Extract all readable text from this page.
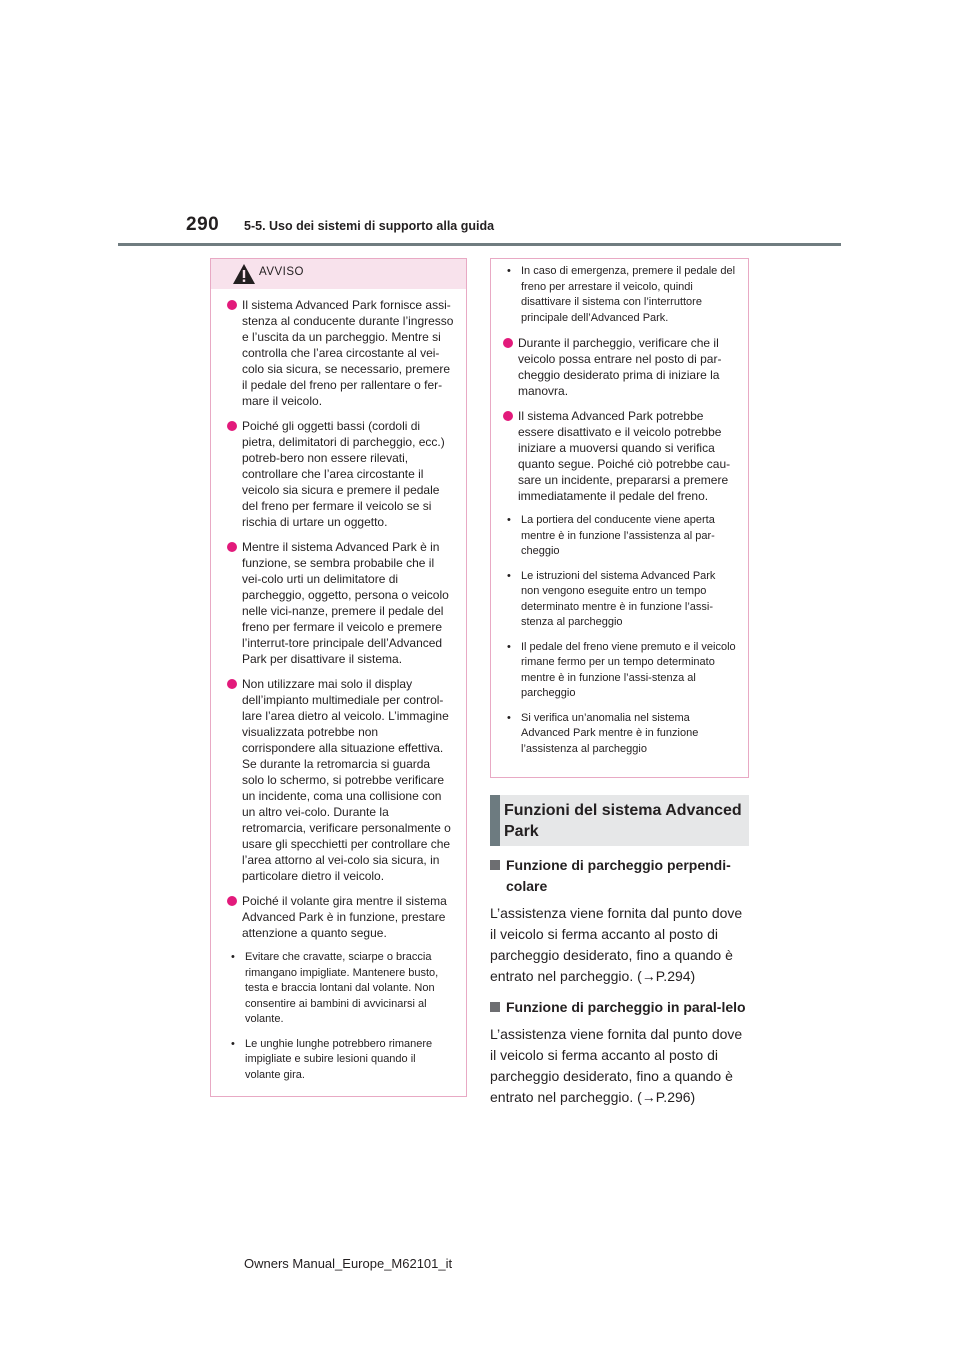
290 5-5. Uso dei sistemi di supporto alla guida
AVVISO
Il sistema Advanced Park fornisce assi-stenza al conducente durante l’ingresso e l’uscita da un parcheggio. Mentre si controlla che l’area circostante al vei-colo sia sicura, se necessario, premere il pedale del freno per rallentare o fer-mare il veicolo.
Poiché gli oggetti bassi (cordoli di pietra, delimitatori di parcheggio, ecc.) potreb-bero non essere rilevati, controllare che l’area circostante il veicolo sia sicura e premere il pedale del freno per fermare il veicolo se si rischia di urtare un oggetto.
Mentre il sistema Advanced Park è in funzione, se sembra probabile che il vei-colo urti un delimitatore di parcheggio, oggetto, persona o veicolo nelle vici-nanze, premere il pedale del freno per fermare il veicolo e premere l’interrut-tore principale dell’Advanced Park per disattivare il sistema.
Non utilizzare mai solo il display dell’impianto multimediale per control-lare l’area dietro al veicolo. L’immagine visualizzata potrebbe non corrispondere alla situazione effettiva. Se durante la retromarcia si guarda solo lo schermo, si potrebbe verificare un incidente, coma una collisione con un altro vei-colo. Durante la retromarcia, verificare personalmente o usare gli specchietti per controllare che l’area attorno al vei-colo sia sicura, in particolare dietro il veicolo.
Poiché il volante gira mentre il sistema Advanced Park è in funzione, prestare attenzione a quanto segue.
• Evitare che cravatte, sciarpe o braccia rimangano impigliate. Mantenere busto, testa e braccia lontani dal volante. Non consentire ai bambini di avvicinarsi al volante.
• Le unghie lunghe potrebbero rimanere impigliate e subire lesioni quando il volante gira.
• In caso di emergenza, premere il pedale del freno per arrestare il veicolo, quindi disattivare il sistema con l’interruttore principale dell’Advanced Park.
Durante il parcheggio, verificare che il veicolo possa entrare nel posto di par-cheggio desiderato prima di iniziare la manovra.
Il sistema Advanced Park potrebbe essere disattivato e il veicolo potrebbe iniziare a muoversi quando si verifica quanto segue. Poiché ciò potrebbe cau-sare un incidente, prepararsi a premere immediatamente il pedale del freno.
• La portiera del conducente viene aperta mentre è in funzione l’assistenza al par-cheggio
• Le istruzioni del sistema Advanced Park non vengono eseguite entro un tempo determinato mentre è in funzione l’assi-stenza al parcheggio
• Il pedale del freno viene premuto e il veicolo rimane fermo per un tempo determinato mentre è in funzione l’assi-stenza al parcheggio
• Si verifica un’anomalia nel sistema Advanced Park mentre è in funzione l’assistenza al parcheggio
Funzioni del sistema Advanced Park
Funzione di parcheggio perpendi-colare
L’assistenza viene fornita dal punto dove il veicolo si ferma accanto al posto di parcheggio desiderato, fino a quando è entrato nel parcheggio. (→P.294)
Funzione di parcheggio in paral-lelo
L’assistenza viene fornita dal punto dove il veicolo si ferma accanto al posto di parcheggio desiderato, fino a quando è entrato nel parcheggio. (→P.296)
Owners Manual_Europe_M62101_it
